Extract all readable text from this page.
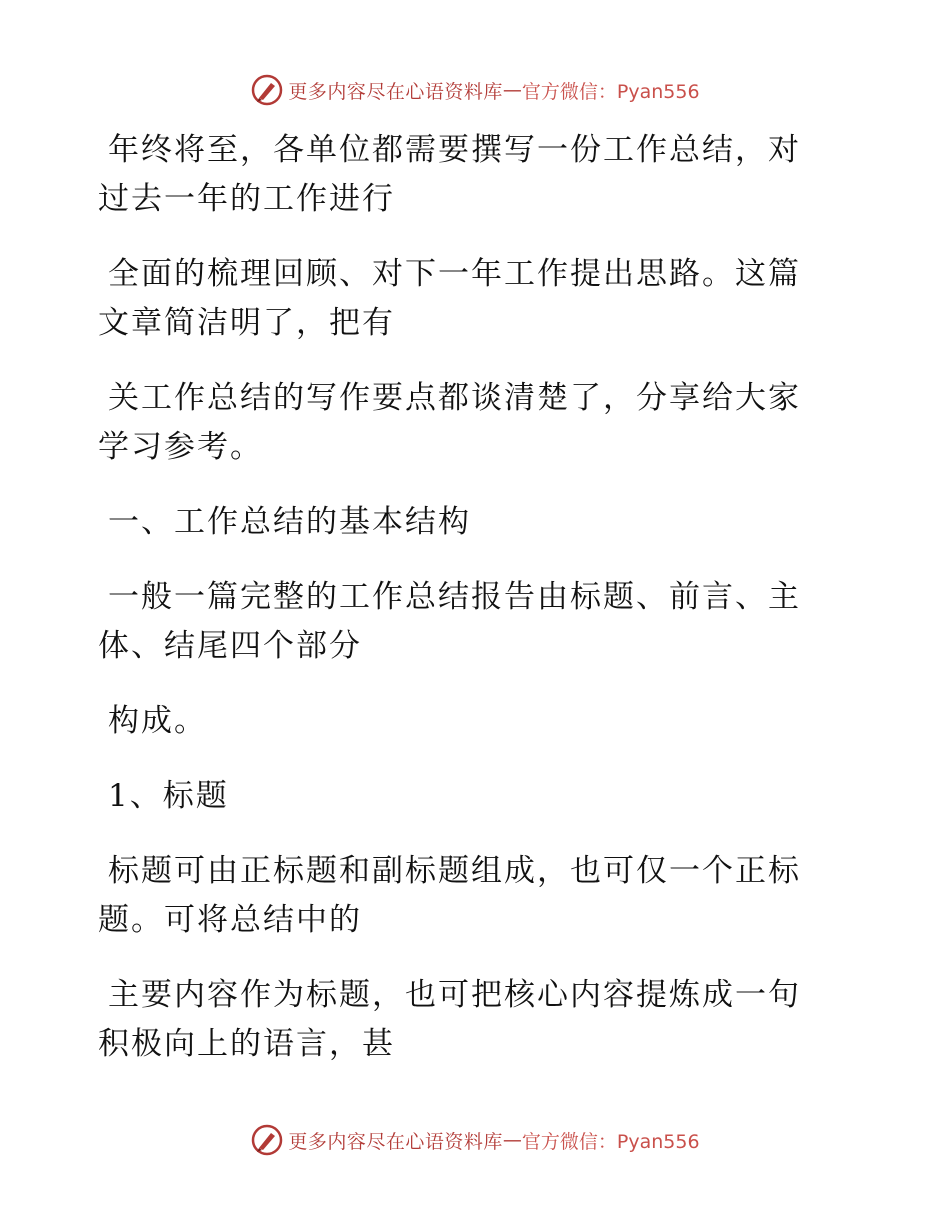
更多内容尽在心语资料库 — 官方微信：Pyan556

年终将至，各单位都需要撰写一份工作总结，对
过去一年的工作进行

全面的梳理回顾、对下一年工作提出思路。这篇
文章简洁明了，把有

关工作总结的写作要点都谈清楚了，分享给大家
学习参考。

一、工作总结的基本结构

一般一篇完整的工作总结报告由标题、前言、主
体、结尾四个部分

构成。

1、标题

标题可由正标题和副标题组成，也可仅一个正标
题。可将总结中的

主要内容作为标题，也可把核心内容提炼成一句
积极向上的语言，甚

更多内容尽在心语资料库 — 官方微信：Pyan556
